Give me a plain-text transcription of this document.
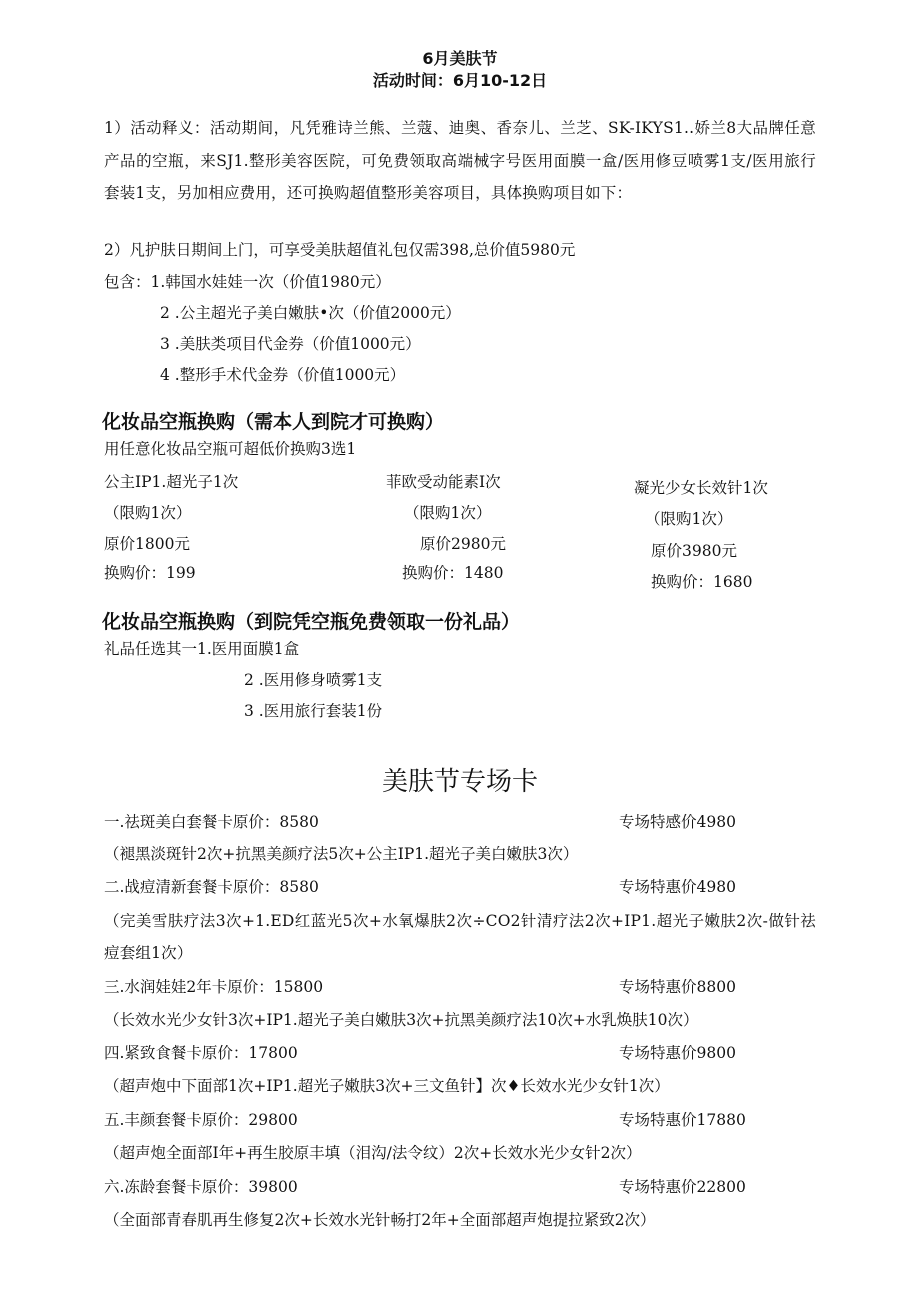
6月美肤节
活动时间：6月10-12日
1）活动释义：活动期间，凡凭雅诗兰熊、兰蔻、迪奥、香奈儿、兰芝、SK-IKYS1..娇兰8大品牌任意产品的空瓶，来SJ1.整形美容医院，可免费领取高端械字号医用面膜一盒/医用修豆喷雾1支/医用旅行套装1支，另加相应费用，还可换购超值整形美容项目，具体换购项目如下：
2）凡护肤日期间上门，可享受美肤超值礼包仅需398,总价值5980元
包含：1.韩国水娃娃一次（价值1980元）
2 .公主超光子美白嫩肤•次（价值2000元）
3 .美肤类项目代金券（价值1000元）
4 .整形手术代金券（价值1000元）
化妆品空瓶换购（需本人到院才可换购）
用任意化妆品空瓶可超低价换购3选1
公主IP1.超光子1次
（限购1次）
原价1800元
换购价：199
菲欧受动能素I次
（限购1次）
原价2980元
换购价：1480
凝光少女长效针1次
（限购1次）
原价3980元
换购价：1680
化妆品空瓶换购（到院凭空瓶免费领取一份礼品）
礼品任选其一1.医用面膜1盒
2 .医用修身喷雾1支
3 .医用旅行套装1份
美肤节专场卡
一.祛斑美白套餐卡原价：8580	专场特感价4980
（褪黑淡斑针2次+抗黑美颜疗法5次+公主IP1.超光子美白嫩肤3次）
二.战痘清新套餐卡原价：8580	专场特惠价4980
（完美雪肤疗法3次+1.ED红蓝光5次+水氧爆肤2次÷CO2针清疗法2次+IP1.超光子嫩肤2次-做针祛痘套组1次）
三.水润娃娃2年卡原价：15800	专场特惠价8800
（长效水光少女针3次+IP1.超光子美白嫩肤3次+抗黑美颜疗法10次+水乳焕肤10次）
四.紧致食餐卡原价：17800	专场特惠价9800
（超声炮中下面部1次+IP1.超光子嫩肤3次+三文鱼针】次♦长效水光少女针1次）
五.丰颜套餐卡原价：29800	专场特惠价17880
（超声炮全面部I年+再生胶原丰填（泪沟/法令纹）2次+长效水光少女针2次）
六.冻龄套餐卡原价：39800	专场特惠价22800
（全面部青春肌再生修复2次+长效水光针畅打2年+全面部超声炮提拉紧致2次）
